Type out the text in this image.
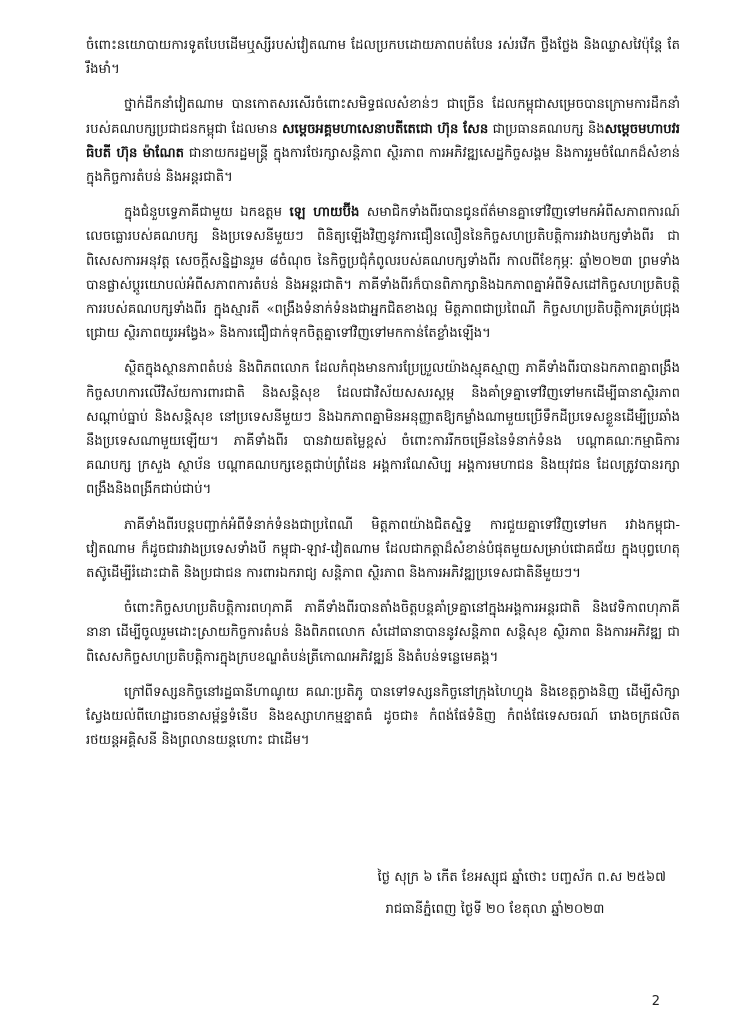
ចំពោះនយោបាយការទូតបែបដើមឬស្សីរបស់វៀតណាម ដែលប្រកបដោយភាពបត់បែន រស់រវើក ថ្លឹងថ្លែង និងឈ្លាសវៃប៉ុន្តែ តែរឹងមាំ។

ថ្នាក់ដឹកនាំវៀតណាម បានកោតសរសើរចំពោះសមិទ្ធផលសំខាន់ៗ ជាច្រើន ដែលកម្ពុជាសម្រេចបានក្រោមការដឹកនាំរបស់គណបក្សប្រជាជនកម្ពុជា ដែលមាន សម្ដេចអគ្គមហាសេនាបតីតេជោ ហ៊ុន សែន ជាប្រធានគណបក្ស និងសម្ដេចមហាបវរធិបតី ហ៊ុន ម៉ាណែត ជានាយករដ្ឋមន្ត្រី ក្នុងការថែរក្សាសន្តិភាព ស្ថិរភាព ការអភិវឌ្ឍសេដ្ឋកិច្ចសង្គម និងការរួមចំណែកដ៏សំខាន់ក្នុងកិច្ចការតំបន់ និងអន្តរជាតិ។

ក្នុងជំនួបទ្វេភាគីជាមួយ ឯកឧត្តម ឡេ ហាយប៊ីង សមាជិកទាំងពីរបានជូនព័ត៌មានគ្នាទៅវិញទៅមកអំពីសភាពការណ៍លេចធ្លោរបស់គណបក្ស និងប្រទេសនីមួយៗ ពិនិត្យឡើងវិញនូវការជឿនលឿននៃកិច្ចសហប្រតិបត្តិការរវាងបក្សទាំងពីរ ជាពិសេសការអនុវត្ត សេចក្តីសន្និដ្ឋានរួម ៨ចំណុច នៃកិច្ចប្រជុំកំពូលរបស់គណបក្សទាំងពីរ កាលពីខែកុម្ភៈ ឆ្នាំ២០២៣ ព្រមទាំងបានផ្លាស់ប្តូរយោបល់អំពីសភាពការតំបន់ និងអន្តរជាតិ។ ភាគីទាំងពីរក៏បានពិភាក្សានិងឯកភាពគ្នាអំពីទិសដៅកិច្ចសហប្រតិបត្តិការរបស់គណបក្សទាំងពីរ ក្នុងស្មារតី «ពង្រឹងទំនាក់ទំនងជាអ្នកជិតខាងល្អ មិត្តភាពជាប្រពៃណី កិច្ចសហប្រតិបត្តិការគ្រប់ជ្រុងជ្រោយ ស្ថិរភាពយូរអង្វែង» និងការជឿជាក់ទុកចិត្តគ្នាទៅវិញទៅមកកាន់តែខ្លាំងឡើង។

ស្ថិតក្នុងស្ថានភាពតំបន់ និងពិភពលោក ដែលកំពុងមានការប្រែប្រួលយ៉ាងស្មុគស្មាញ ភាគីទាំងពីរបានឯកភាពគ្នាពង្រឹងកិច្ចសហការលើវិស័យការពារជាតិ និងសន្តិសុខ ដែលជាវិស័យសសរស្តម្ភ និងគាំទ្រគ្នាទៅវិញទៅមកដើម្បីធានាស្ថិរភាព សណ្តាប់ធ្នាប់ និងសន្តិសុខ នៅប្រទេសនីមួយៗ និងឯកភាពគ្នាមិនអនុញ្ញាតឱ្យកម្លាំងណាមួយប្រើទឹកដីប្រទេសខ្លួនដើម្បីប្រឆាំងនឹងប្រទេសណាមួយឡើយ។ ភាគីទាំងពីរ បានវាយតម្លៃខ្ពស់ ចំពោះការរីកចម្រើននៃទំនាក់ទំនង បណ្តាគណៈកម្មាធិការគណបក្ស ក្រសួង ស្ថាប័ន បណ្តាគណបក្សខេត្តជាប់ព្រំដែន អង្គការណែសិប្ប អង្គការមហាជន និងយុវជន ដែលត្រូវបានរក្សាពង្រឹងនិងពង្រីកជាប់ជាប់។

ភាគីទាំងពីរបន្តបញ្ជាក់អំពីទំនាក់ទំនងជាប្រពៃណី មិត្តភាពយ៉ាងជិតស្និទ្ធ ការជួយគ្នាទៅវិញទៅមក រវាងកម្ពុជា-វៀតណាម ក៏ដូចជារវាងប្រទេសទាំងបី កម្ពុជា-ឡាវ-វៀតណាម ដែលជាកត្តាដ៏សំខាន់បំផុតមួយសម្រាប់ជោគជ័យ ក្នុងបុព្វហេតុតស៊ូដើម្បីរំដោះជាតិ និងប្រជាជន ការពារឯករាជ្យ សន្តិភាព ស្ថិរភាព និងការអភិវឌ្ឍប្រទេសជាតិនីមួយៗ។

ចំពោះកិច្ចសហប្រតិបត្តិការពហុភាគី ភាគីទាំងពីរបានតាំងចិត្តបន្តគាំទ្រគ្នានៅក្នុងអង្គការអន្តរជាតិ និងវេទិកាពហុភាគីនានា ដើម្បីចូលរួមដោះស្រាយកិច្ចការតំបន់ និងពិភពលោក សំដៅធានាបាននូវសន្តិភាព សន្តិសុខ ស្ថិរភាព និងការអភិវឌ្ឍ ជាពិសេសកិច្ចសហប្រតិបត្តិការក្នុងក្របខណ្ឌតំបន់ត្រីកោណអភិវឌ្ឍន៍ និងតំបន់ទន្លេមេគង្គ។

ក្រៅពីទស្សនកិច្ចនៅរដ្ឋធានីហាណូយ គណៈប្រតិភូ បានទៅទស្សនកិច្ចនៅក្រុងហៃហ្វុង និងខេត្តក្វាងនិញ ដើម្បីសិក្សាស្វែងយល់ពីហេដ្ឋារចនាសម្ព័ន្ធទំនើប និងឧស្សាហកម្មខ្នាតធំ ដូចជា៖ កំពង់ផែទំនិញ កំពង់ផែទេសចរណ៍ រោងចក្រផលិតរថយន្តអគ្គិសនី និងព្រលានយន្តហោះ ជាដើម។

ថ្ងៃ សុក្រ ៦ កើត ខែអស្សុជ ឆ្នាំថោះ បញ្ចស័ក ព.ស ២៥៦៧
រាជធានីភ្នំពេញ ថ្ងៃទី ២០ ខែតុលា ឆ្នាំ២០២៣
2
